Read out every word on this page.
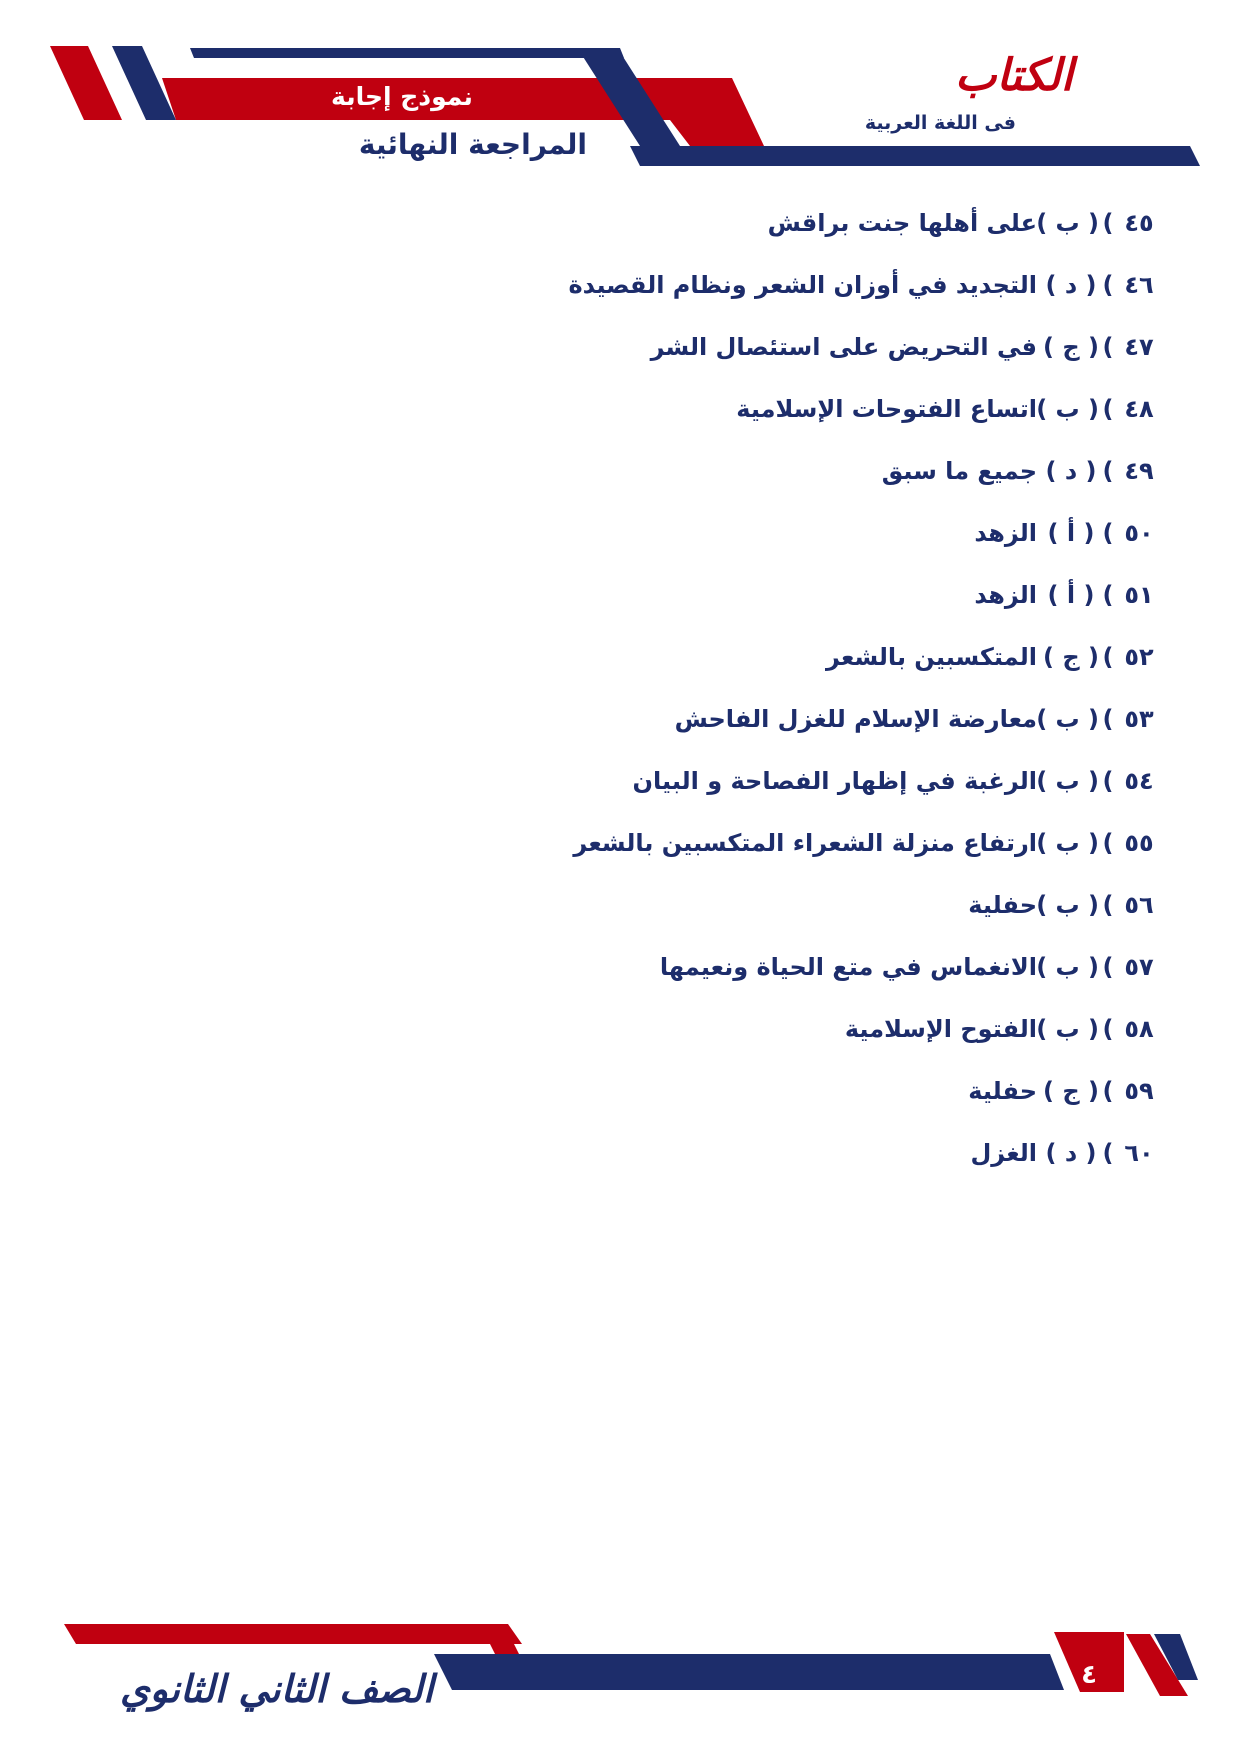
الكتاب
فى اللغة العربية
نموذج إجابة
المراجعة النهائية
٤٥
)
( ب )
على أهلها جنت براقش
٤٦
)
( د )
التجديد في أوزان الشعر ونظام القصيدة
٤٧
)
( ج )
في التحريض على استئصال الشر
٤٨
)
( ب )
اتساع الفتوحات الإسلامية
٤٩
)
( د )
جميع ما سبق
٥٠
)
( أ )
الزهد
٥١
)
( أ )
الزهد
٥٢
)
( ج )
المتكسبين بالشعر
٥٣
)
( ب )
معارضة الإسلام للغزل الفاحش
٥٤
)
( ب )
الرغبة في إظهار الفصاحة و البيان
٥٥
)
( ب )
ارتفاع منزلة الشعراء المتكسبين بالشعر
٥٦
)
( ب )
حفلية
٥٧
)
( ب )
الانغماس في متع الحياة ونعيمها
٥٨
)
( ب )
الفتوح الإسلامية
٥٩
)
( ج )
حفلية
٦٠
)
( د )
الغزل
٤
الصف الثاني الثانوي
